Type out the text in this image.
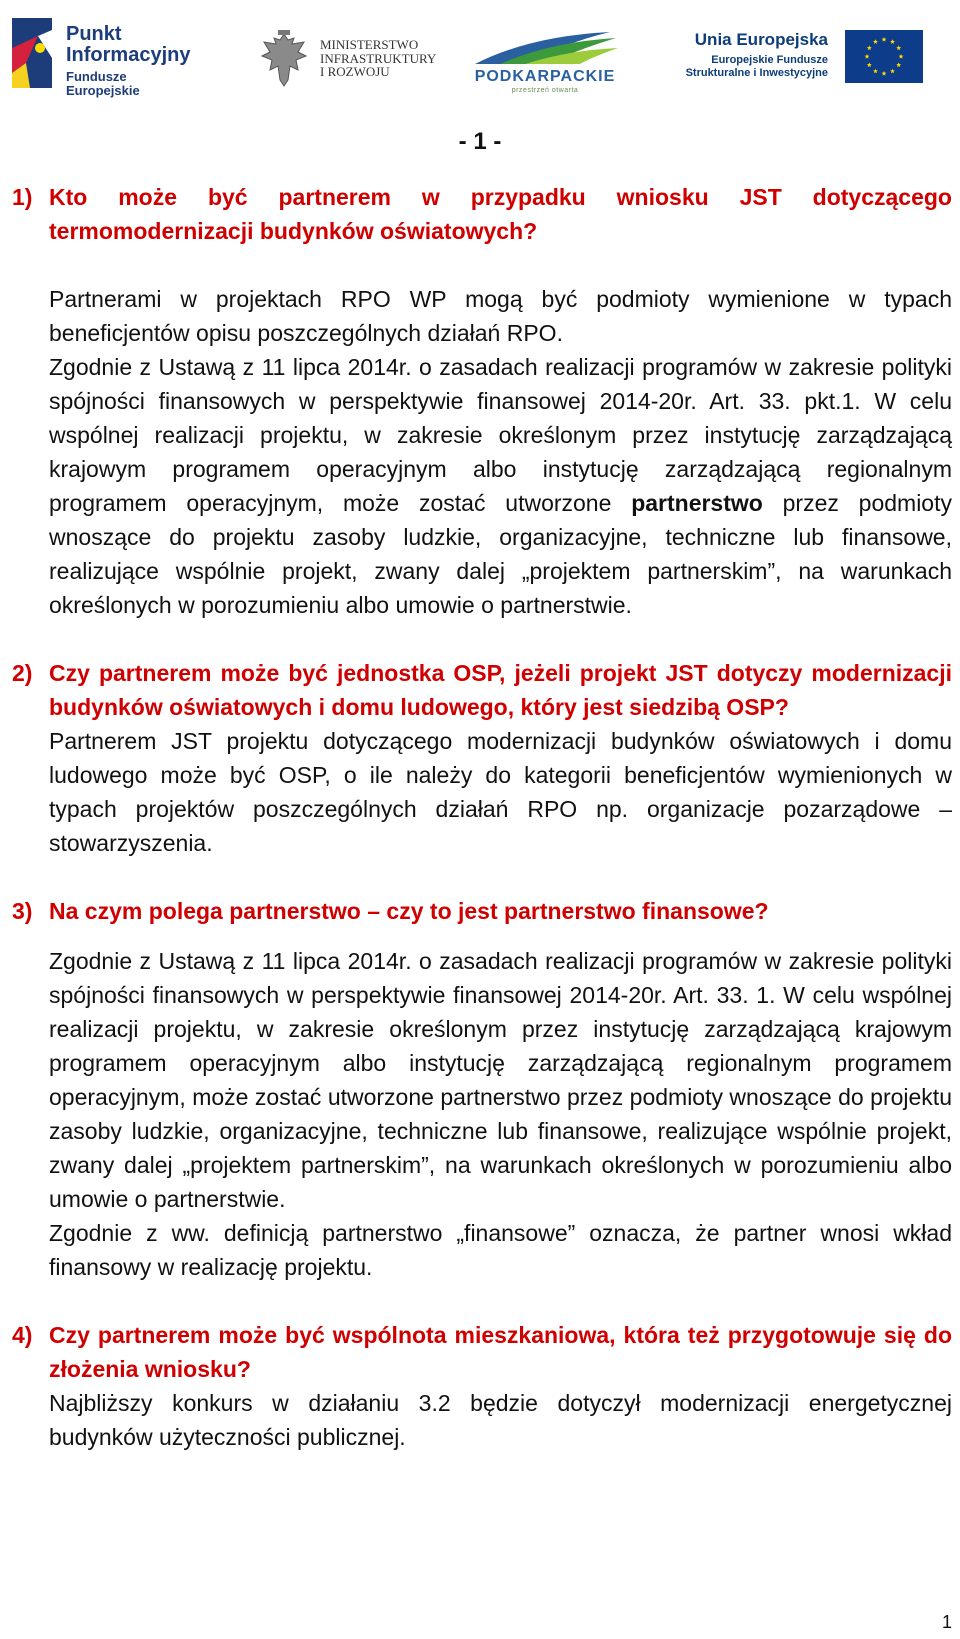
Punkt
Informacyjny
Fundusze Europejskie
MINISTERSTWO
INFRASTRUKTURY
I ROZWOJU	PODKARPACKIE
przestrzeń otwarta
Unia Europejska
Europejskie Fundusze
Strukturalne i Inwestycyjne
- 1 -
1) Kto może być partnerem w przypadku wniosku JST dotyczącego termomodernizacji budynków oświatowych?
Partnerami w projektach RPO WP mogą być podmioty wymienione w typach beneficjentów opisu poszczególnych działań RPO.
Zgodnie z Ustawą z 11 lipca 2014r. o zasadach realizacji programów w zakresie polityki spójności finansowych w perspektywie finansowej 2014-20r. Art. 33. pkt.1. W celu wspólnej realizacji projektu, w zakresie określonym przez instytucję zarządzającą krajowym programem operacyjnym albo instytucję zarządzającą regionalnym programem operacyjnym, może zostać utworzone partnerstwo przez podmioty wnoszące do projektu zasoby ludzkie, organizacyjne, techniczne lub finansowe, realizujące wspólnie projekt, zwany dalej „projektem partnerskim”, na warunkach określonych w porozumieniu albo umowie o partnerstwie.
2) Czy partnerem może być jednostka OSP, jeżeli projekt JST dotyczy modernizacji budynków oświatowych i domu ludowego, który jest siedzibą OSP?
Partnerem JST projektu dotyczącego modernizacji budynków oświatowych i domu ludowego może być OSP, o ile należy do kategorii beneficjentów wymienionych w typach projektów poszczególnych działań RPO np. organizacje pozarządowe – stowarzyszenia.
3) Na czym polega partnerstwo – czy to jest partnerstwo finansowe?
Zgodnie z Ustawą z 11 lipca 2014r. o zasadach realizacji programów w zakresie polityki spójności finansowych w perspektywie finansowej 2014-20r. Art. 33. 1. W celu wspólnej realizacji projektu, w zakresie określonym przez instytucję zarządzającą krajowym programem operacyjnym albo instytucję zarządzającą regionalnym programem operacyjnym, może zostać utworzone partnerstwo przez podmioty wnoszące do projektu zasoby ludzkie, organizacyjne, techniczne lub finansowe, realizujące wspólnie projekt, zwany dalej „projektem partnerskim”, na warunkach określonych w porozumieniu albo umowie o partnerstwie.
Zgodnie z ww. definicją partnerstwo „finansowe” oznacza, że partner wnosi wkład finansowy w realizację projektu.
4) Czy partnerem może być wspólnota mieszkaniowa, która też przygotowuje się do złożenia wniosku?
Najbliższy konkurs w działaniu 3.2 będzie dotyczył modernizacji energetycznej budynków użyteczności publicznej.
1
